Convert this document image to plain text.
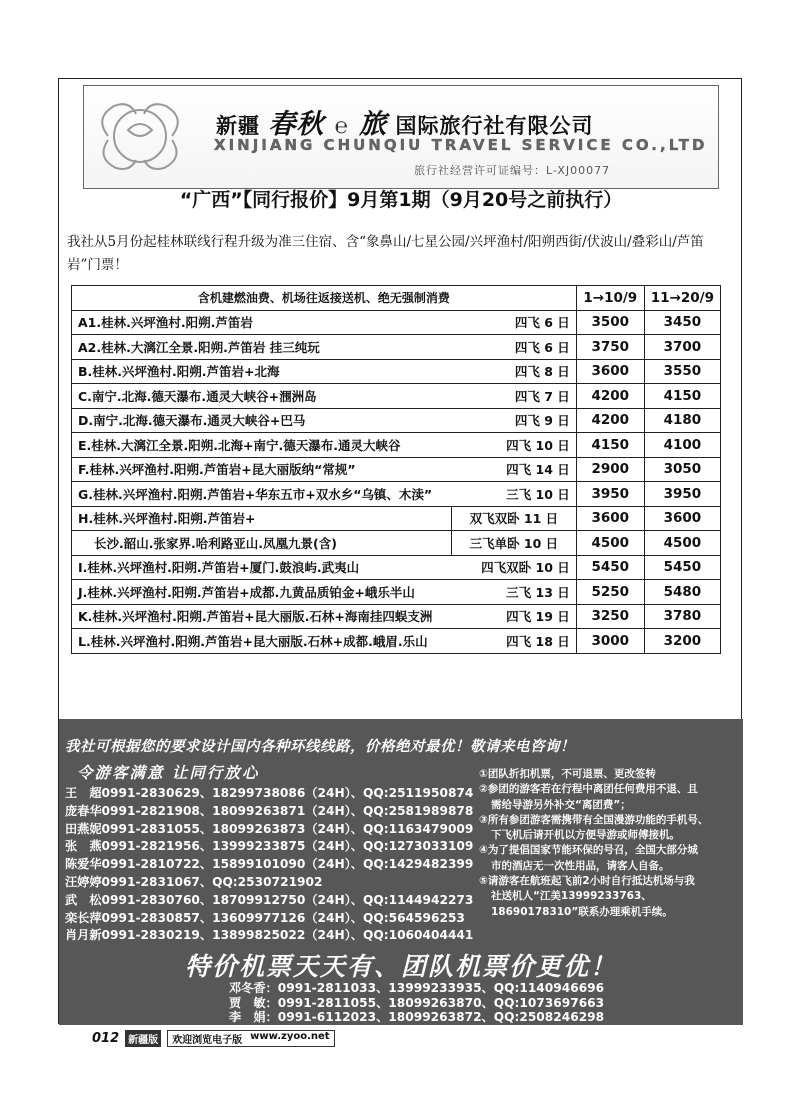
新疆 春秋 ℮ 旅 国际旅行社有限公司
XINJIANG CHUNQIU TRAVEL SERVICE CO.,LTD
旅行社经营许可证编号：L-XJ00077
“广西”【同行报价】9月第1期（9月20号之前执行）
我社从5月份起桂林联线行程升级为准三住宿、含“象鼻山/七星公园/兴坪渔村/阳朔西街/伏波山/叠彩山/芦笛岩”门票！
含机建燃油费、机场往返接送机、绝无强制消费		1→10/9	11→20/9

A1.桂林.兴坪渔村.阳朔.芦笛岩 四飞 6 日		3500	3450

A2.桂林.大漓江全景.阳朔.芦笛岩 挂三纯玩 四飞 6 日		3750	3700

B.桂林.兴坪渔村.阳朔.芦笛岩+北海 四飞 8 日		3600	3550

C.南宁.北海.德天瀑布.通灵大峡谷+涠洲岛 四飞 7 日		4200	4150

D.南宁.北海.德天瀑布.通灵大峡谷+巴马 四飞 9 日		4200	4180

E.桂林.大漓江全景.阳朔.北海+南宁.德天瀑布.通灵大峡谷 四飞 10 日		4150	4100

F.桂林.兴坪渔村.阳朔.芦笛岩+昆大丽版纳“常规” 四飞 14 日		2900	3050

G.桂林.兴坪渔村.阳朔.芦笛岩+华东五市+双水乡“乌镇、木渎” 三飞 10 日		3950	3950
H.桂林.兴坪渔村.阳朔.芦笛岩+	双飞双卧 11 日	3600	3600
长沙.韶山.张家界.哈利路亚山.凤凰九景(含)	三飞单卧 10 日	4500	4500

I.桂林.兴坪渔村.阳朔.芦笛岩+厦门.鼓浪屿.武夷山 四飞双卧 10 日		5450	5450

J.桂林.兴坪渔村.阳朔.芦笛岩+成都.九黄品质铂金+峨乐半山 三飞 13 日		5250	5480

K.桂林.兴坪渔村.阳朔.芦笛岩+昆大丽版.石林+海南挂四蜈支洲 四飞 19 日		3250	3780

L.桂林.兴坪渔村.阳朔.芦笛岩+昆大丽版.石林+成都.峨眉.乐山 四飞 18 日		3000	3200
我社可根据您的要求设计国内各种环线线路，价格绝对最优！敬请来电咨询！
令游客满意 让同行放心
王　超0991-2830629、18299738086（24H）、QQ:2511950874
庞春华0991-2821908、18099263871（24H）、QQ:2581989878
田燕妮0991-2831055、18099263873（24H）、QQ:1163479009
张　燕0991-2821956、13999233875（24H）、QQ:1273033109
陈爱华0991-2810722、15899101090（24H）、QQ:1429482399
汪婷婷0991-2831067、QQ:2530721902
武　松0991-2830760、18709912750（24H）、QQ:1144942273
栾长萍0991-2830857、13609977126（24H）、QQ:564596253
肖月新0991-2830219、13899825022（24H）、QQ:1060404441
①团队折扣机票，不可退票、更改签转
②参团的游客若在行程中离团任何费用不退、且
需给导游另外补交“离团费”；
③所有参团游客需携带有全国漫游功能的手机号、
下飞机后请开机以方便导游或师傅接机。
④为了提倡国家节能环保的号召，全国大部分城
市的酒店无一次性用品，请客人自备。
⑤请游客在航班起飞前2小时自行抵达机场与我
社送机人“江美13999233763、
18690178310”联系办理乘机手续。
特价机票天天有、团队机票价更优！
邓冬香：0991-2811033、13999233935、QQ:1140946696
贾　敏：0991-2811055、18099263870、QQ:1073697663
李　娟：0991-6112023、18099263872、QQ:2508246298
012 新疆版	欢迎浏览电子版 www.zyoo.net
